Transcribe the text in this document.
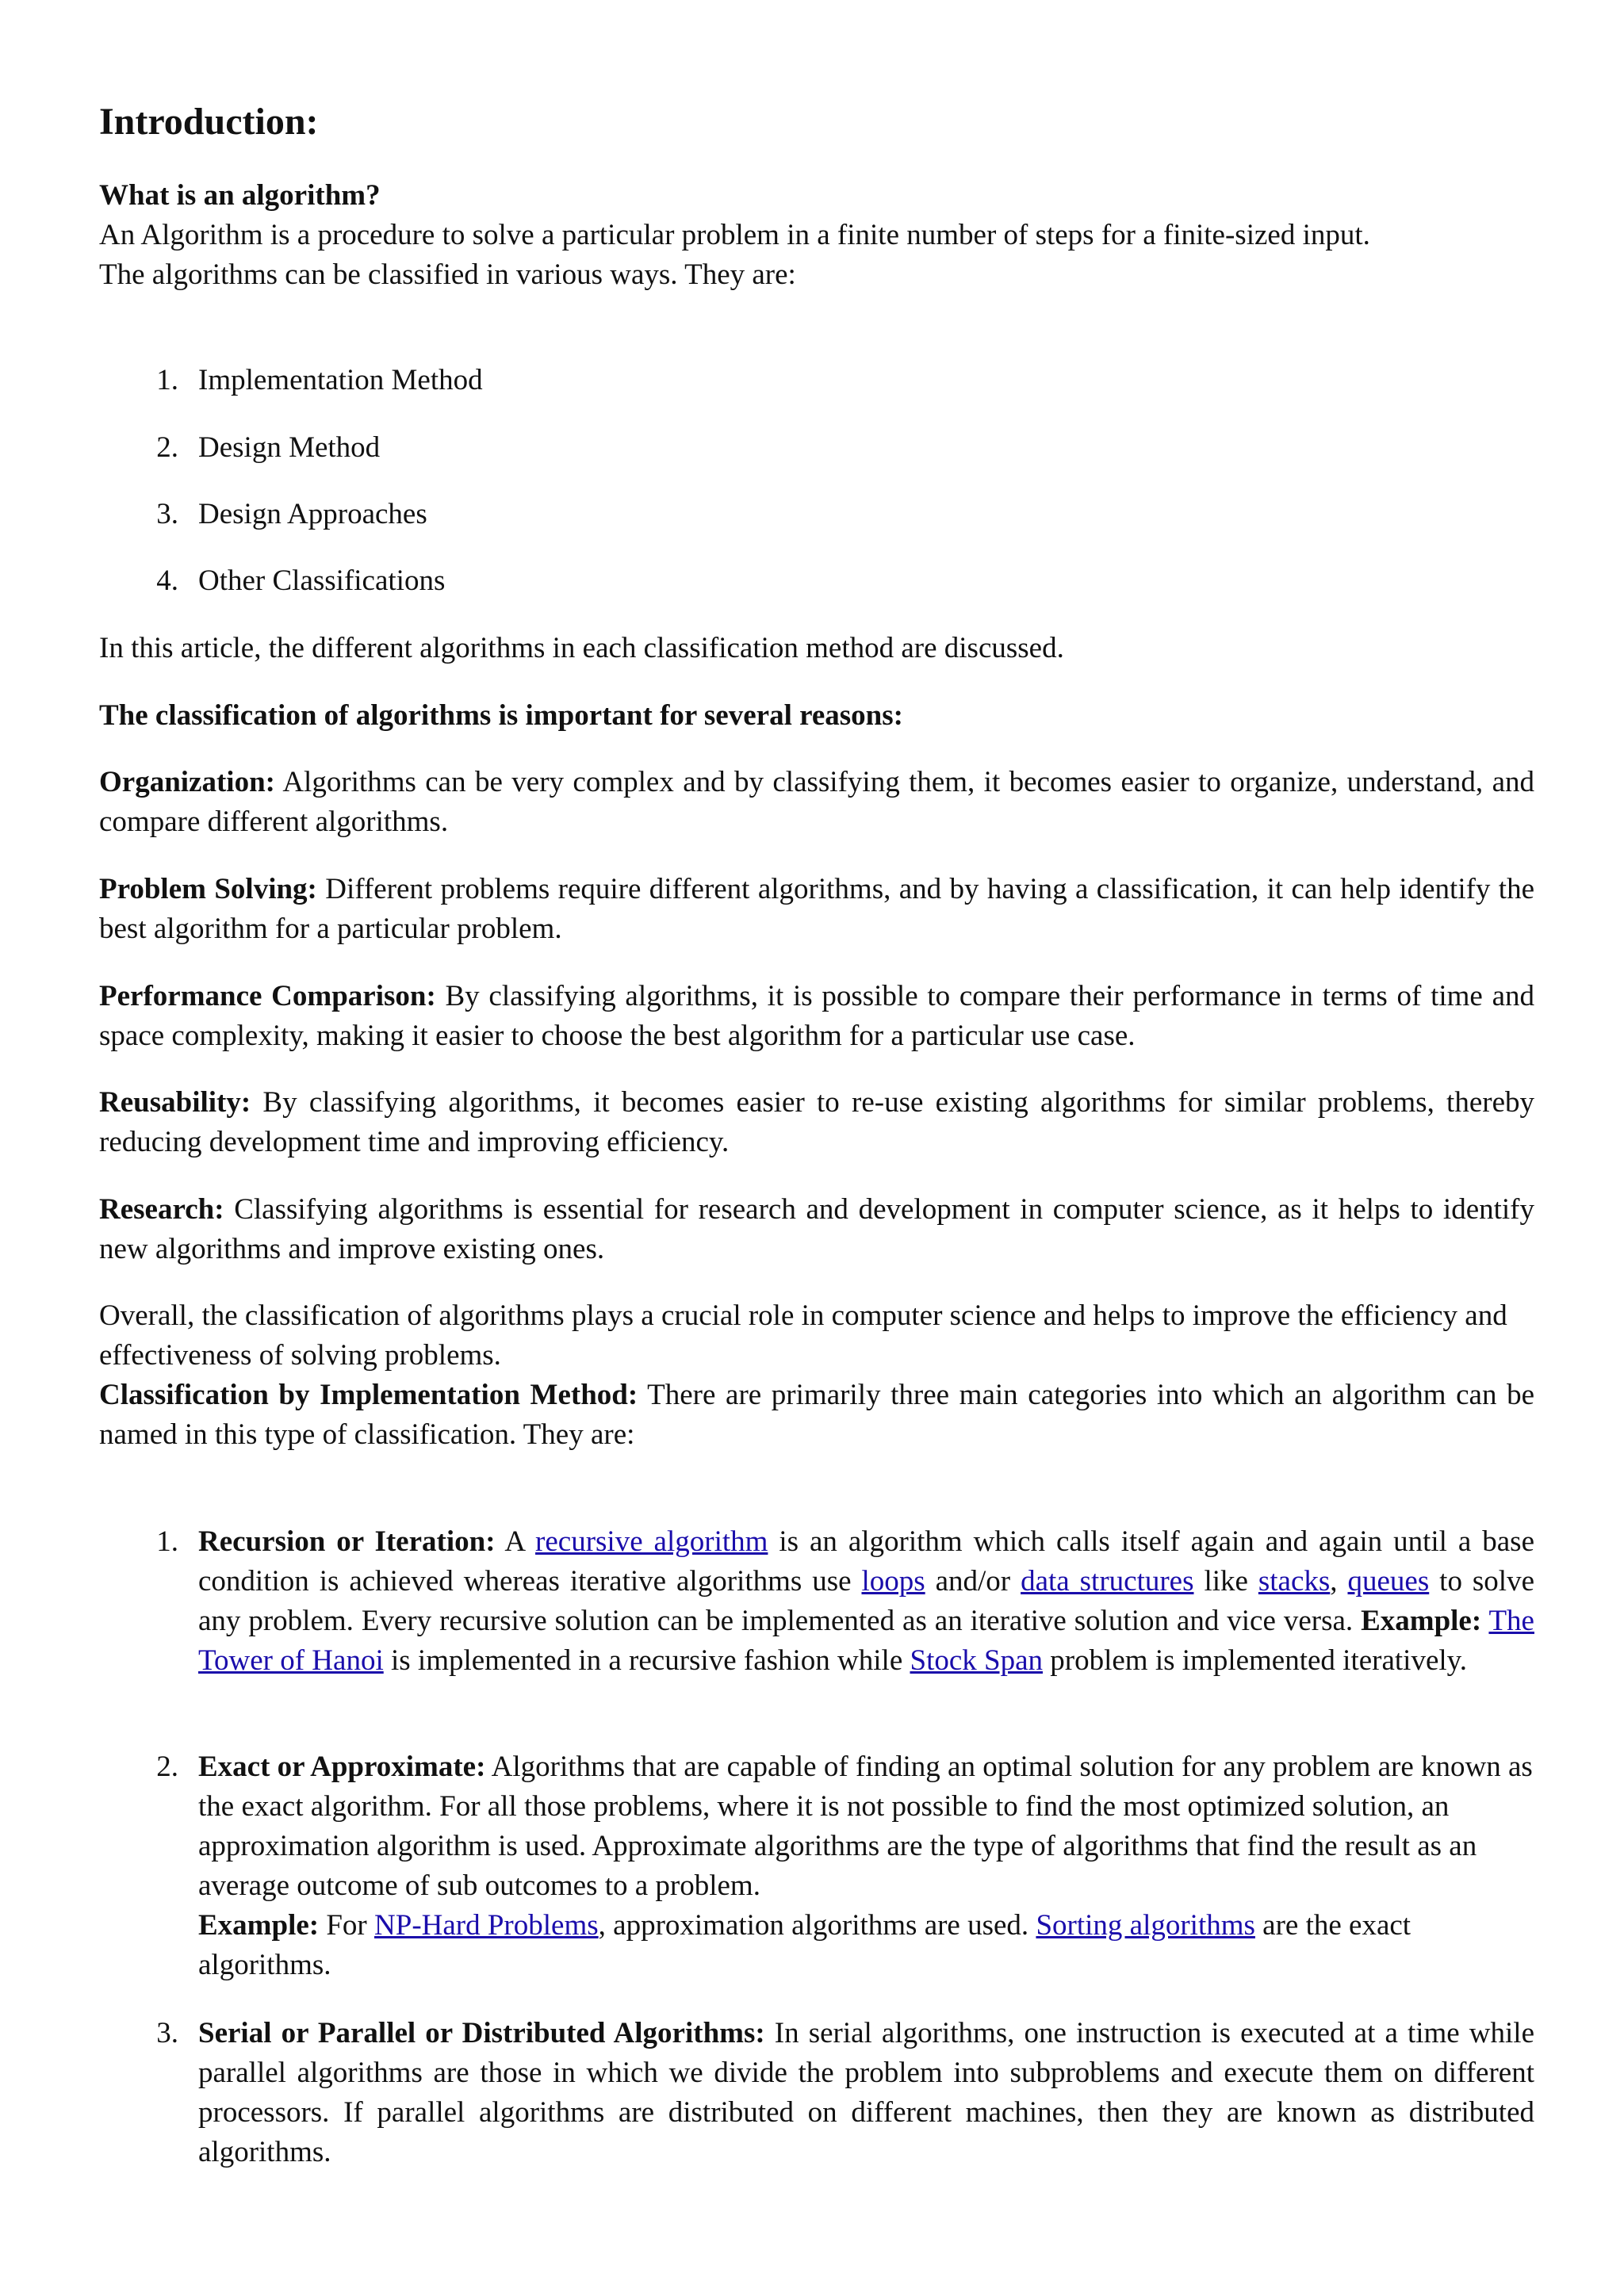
Introduction:
What is an algorithm?
An Algorithm is a procedure to solve a particular problem in a finite number of steps for a finite-sized input.
The algorithms can be classified in various ways. They are:
1. Implementation Method
2. Design Method
3. Design Approaches
4. Other Classifications
In this article, the different algorithms in each classification method are discussed.
The classification of algorithms is important for several reasons:
Organization: Algorithms can be very complex and by classifying them, it becomes easier to organize, understand, and compare different algorithms.
Problem Solving: Different problems require different algorithms, and by having a classification, it can help identify the best algorithm for a particular problem.
Performance Comparison: By classifying algorithms, it is possible to compare their performance in terms of time and space complexity, making it easier to choose the best algorithm for a particular use case.
Reusability: By classifying algorithms, it becomes easier to re-use existing algorithms for similar problems, thereby reducing development time and improving efficiency.
Research: Classifying algorithms is essential for research and development in computer science, as it helps to identify new algorithms and improve existing ones.
Overall, the classification of algorithms plays a crucial role in computer science and helps to improve the efficiency and effectiveness of solving problems.
Classification by Implementation Method: There are primarily three main categories into which an algorithm can be named in this type of classification. They are:
1. Recursion or Iteration: A recursive algorithm is an algorithm which calls itself again and again until a base condition is achieved whereas iterative algorithms use loops and/or data structures like stacks, queues to solve any problem. Every recursive solution can be implemented as an iterative solution and vice versa. Example: The Tower of Hanoi is implemented in a recursive fashion while Stock Span problem is implemented iteratively.
2. Exact or Approximate: Algorithms that are capable of finding an optimal solution for any problem are known as the exact algorithm. For all those problems, where it is not possible to find the most optimized solution, an approximation algorithm is used. Approximate algorithms are the type of algorithms that find the result as an average outcome of sub outcomes to a problem.
Example: For NP-Hard Problems, approximation algorithms are used. Sorting algorithms are the exact algorithms.
3. Serial or Parallel or Distributed Algorithms: In serial algorithms, one instruction is executed at a time while parallel algorithms are those in which we divide the problem into subproblems and execute them on different processors. If parallel algorithms are distributed on different machines, then they are known as distributed algorithms.
